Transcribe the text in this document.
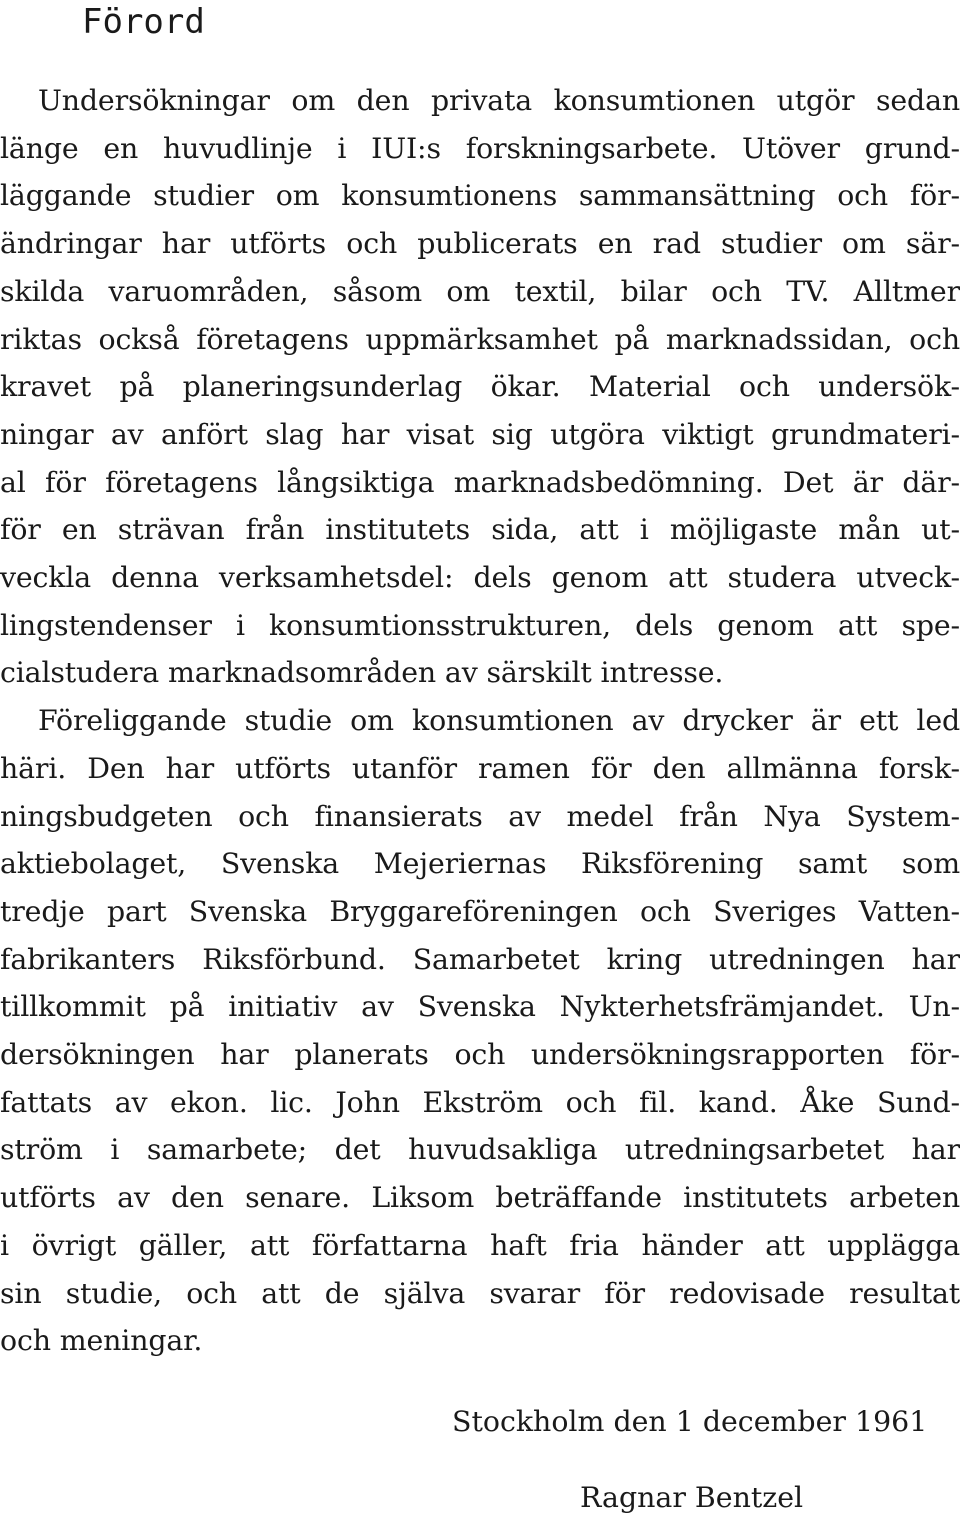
Förord
Undersökningar om den privata konsumtionen utgör sedan
länge en huvudlinje i IUI:s forskningsarbete. Utöver grund-
läggande studier om konsumtionens sammansättning och för-
ändringar har utförts och publicerats en rad studier om sär-
skilda varuområden, såsom om textil, bilar och TV. Alltmer
riktas också företagens uppmärksamhet på marknadssidan, och
kravet på planeringsunderlag ökar. Material och undersök-
ningar av anfört slag har visat sig utgöra viktigt grundmateri-
al för företagens långsiktiga marknadsbedömning. Det är där-
för en strävan från institutets sida, att i möjligaste mån ut-
veckla denna verksamhetsdel: dels genom att studera utveck-
lingstendenser i konsumtionsstrukturen, dels genom att spe-
cialstudera marknadsområden av särskilt intresse.
Föreliggande studie om konsumtionen av drycker är ett led
häri. Den har utförts utanför ramen för den allmänna forsk-
ningsbudgeten och finansierats av medel från Nya System-
aktiebolaget, Svenska Mejeriernas Riksförening samt som
tredje part Svenska Bryggareföreningen och Sveriges Vatten-
fabrikanters Riksförbund. Samarbetet kring utredningen har
tillkommit på initiativ av Svenska Nykterhetsfrämjandet. Un-
dersökningen har planerats och undersökningsrapporten för-
fattats av ekon. lic. John Ekström och fil. kand. Åke Sund-
ström i samarbete; det huvudsakliga utredningsarbetet har
utförts av den senare. Liksom beträffande institutets arbeten
i övrigt gäller, att författarna haft fria händer att upplägga
sin studie, och att de själva svarar för redovisade resultat
och meningar.
Stockholm den 1 december 1961
Ragnar Bentzel
